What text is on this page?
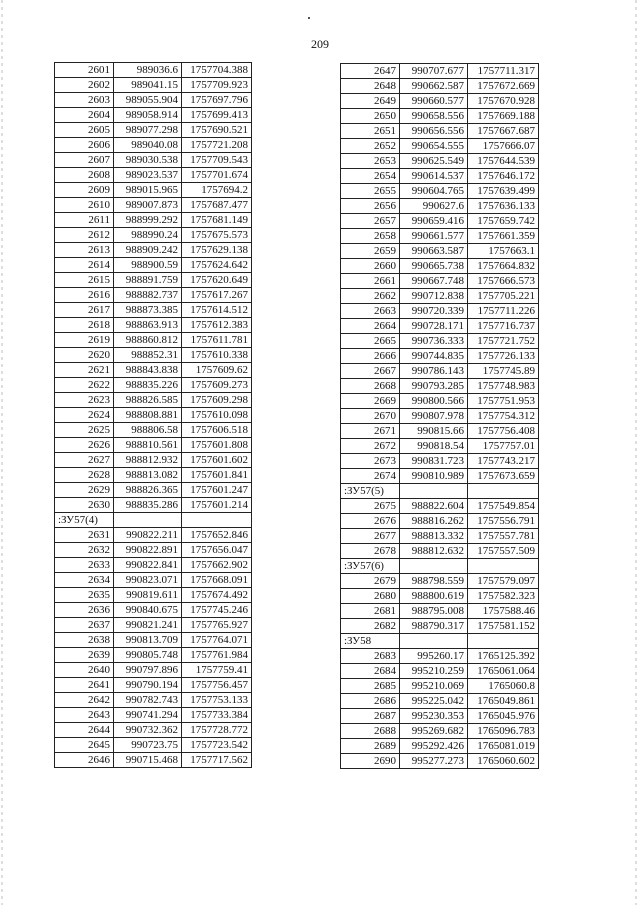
209
2601	989036.6	1757704.388
2602	989041.15	1757709.923
2603	989055.904	1757697.796
2604	989058.914	1757699.413
2605	989077.298	1757690.521
2606	989040.08	1757721.208
2607	989030.538	1757709.543
2608	989023.537	1757701.674
2609	989015.965	1757694.2
2610	989007.873	1757687.477
2611	988999.292	1757681.149
2612	988990.24	1757675.573
2613	988909.242	1757629.138
2614	988900.59	1757624.642
2615	988891.759	1757620.649
2616	988882.737	1757617.267
2617	988873.385	1757614.512
2618	988863.913	1757612.383
2619	988860.812	1757611.781
2620	988852.31	1757610.338
2621	988843.838	1757609.62
2622	988835.226	1757609.273
2623	988826.585	1757609.298
2624	988808.881	1757610.098
2625	988806.58	1757606.518
2626	988810.561	1757601.808
2627	988812.932	1757601.602
2628	988813.082	1757601.841
2629	988826.365	1757601.247
2630	988835.286	1757601.214
:ЗУ57(4)		
2631	990822.211	1757652.846
2632	990822.891	1757656.047
2633	990822.841	1757662.902
2634	990823.071	1757668.091
2635	990819.611	1757674.492
2636	990840.675	1757745.246
2637	990821.241	1757765.927
2638	990813.709	1757764.071
2639	990805.748	1757761.984
2640	990797.896	1757759.41
2641	990790.194	1757756.457
2642	990782.743	1757753.133
2643	990741.294	1757733.384
2644	990732.362	1757728.772
2645	990723.75	1757723.542
2646	990715.468	1757717.562
2647	990707.677	1757711.317
2648	990662.587	1757672.669
2649	990660.577	1757670.928
2650	990658.556	1757669.188
2651	990656.556	1757667.687
2652	990654.555	1757666.07
2653	990625.549	1757644.539
2654	990614.537	1757646.172
2655	990604.765	1757639.499
2656	990627.6	1757636.133
2657	990659.416	1757659.742
2658	990661.577	1757661.359
2659	990663.587	1757663.1
2660	990665.738	1757664.832
2661	990667.748	1757666.573
2662	990712.838	1757705.221
2663	990720.339	1757711.226
2664	990728.171	1757716.737
2665	990736.333	1757721.752
2666	990744.835	1757726.133
2667	990786.143	1757745.89
2668	990793.285	1757748.983
2669	990800.566	1757751.953
2670	990807.978	1757754.312
2671	990815.66	1757756.408
2672	990818.54	1757757.01
2673	990831.723	1757743.217
2674	990810.989	1757673.659
:ЗУ57(5)		
2675	988822.604	1757549.854
2676	988816.262	1757556.791
2677	988813.332	1757557.781
2678	988812.632	1757557.509
:ЗУ57(6)		
2679	988798.559	1757579.097
2680	988800.619	1757582.323
2681	988795.008	1757588.46
2682	988790.317	1757581.152
:ЗУ58		
2683	995260.17	1765125.392
2684	995210.259	1765061.064
2685	995210.069	1765060.8
2686	995225.042	1765049.861
2687	995230.353	1765045.976
2688	995269.682	1765096.783
2689	995292.426	1765081.019
2690	995277.273	1765060.602
